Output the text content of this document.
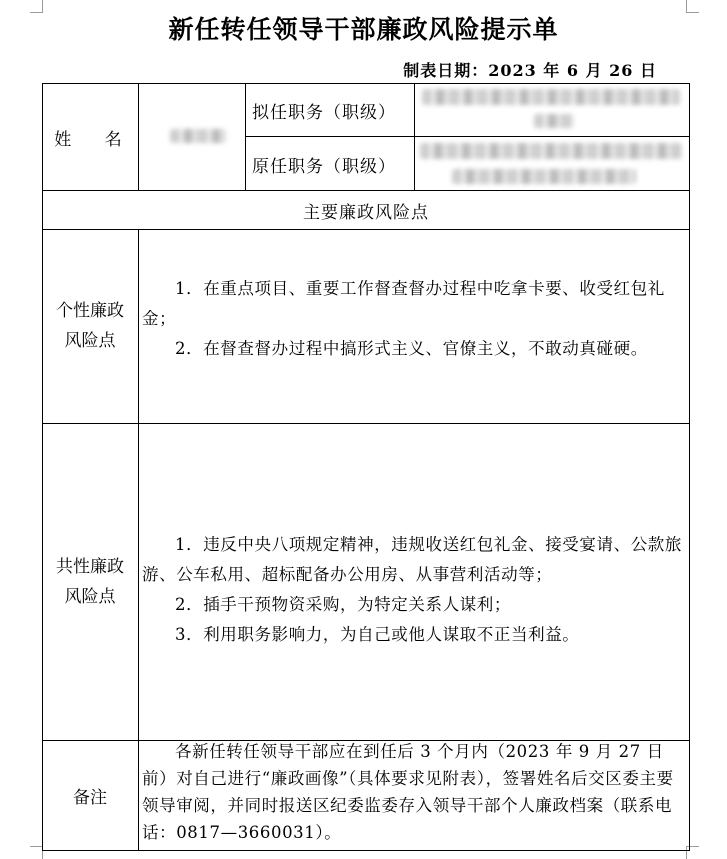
新任转任领导干部廉政风险提示单
制表日期：2023 年 6 月 26 日
姓 名
拟任职务（职级）
原任职务（职级）
主要廉政风险点
个性廉政
风险点

1．在重点项目、重要工作督查督办过程中吃拿卡要、收受红包礼金；

2．在督查督办过程中搞形式主义、官僚主义，不敢动真碰硬。

共性廉政
风险点

1．违反中央八项规定精神，违规收送红包礼金、接受宴请、公款旅游、公车私用、超标配备办公用房、从事营利活动等；

2．插手干预物资采购，为特定关系人谋利；

3．利用职务影响力，为自己或他人谋取不正当利益。

备注
各新任转任领导干部应在到任后 3 个月内（2023 年 9 月 27 日前）对自己进行“廉政画像”（具体要求见附表），签署姓名后交区委主要领导审阅，并同时报送区纪委监委存入领导干部个人廉政档案（联系电话：0817—3660031）。
